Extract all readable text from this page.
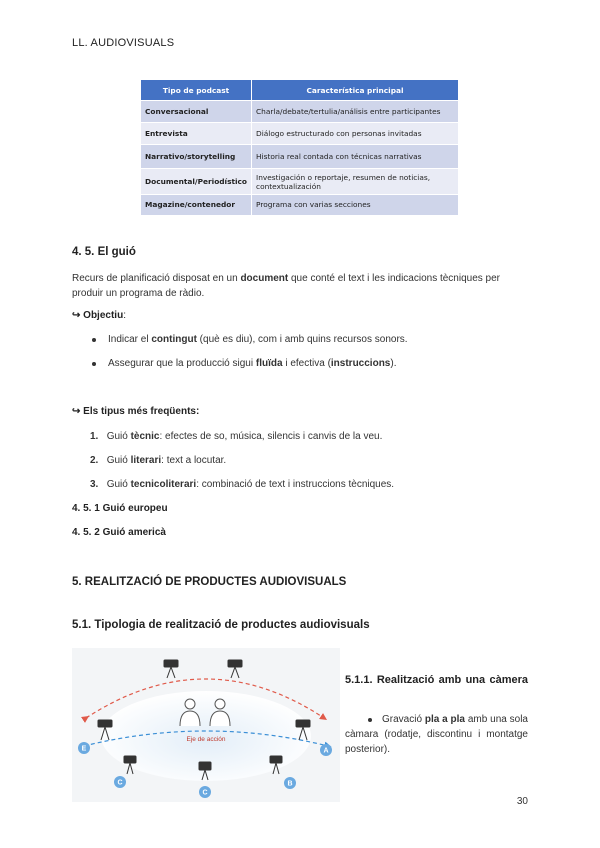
LL. AUDIOVISUALS
Tipo de podcast	Característica principal
Conversacional	Charla/debate/tertulia/análisis entre participantes
Entrevista	Diálogo estructurado con personas invitadas
Narrativo/storytelling	Historia real contada con técnicas narrativas
Documental/Periodístico	Investigación o reportaje, resumen de noticias, contextualización
Magazine/contenedor	Programa con varias secciones
4. 5. El guió
Recurs de planificació disposat en un document que conté el text i les indicacions tècniques per produir un programa de ràdio.
↪ Objectiu:
Indicar el contingut (què es diu), com i amb quins recursos sonors.
Assegurar que la producció sigui fluïda i efectiva (instruccions).
↪ Els tipus més freqüents:
1. Guió tècnic: efectes de so, música, silencis i canvis de la veu.
2. Guió literari: text a locutar.
3. Guió tecnicoliterari: combinació de text i instruccions tècniques.
4. 5. 1 Guió europeu
4. 5. 2 Guió americà
5. REALITZACIÓ DE PRODUCTES AUDIOVISUALS
5.1. Tipologia de realització de productes audiovisuals
Eje de acción
E	A
B
C
C
5.1.1. Realització amb una càmera
Gravació pla a pla amb una sola càmara (rodatje, discontinu i montatge posterior).
30
